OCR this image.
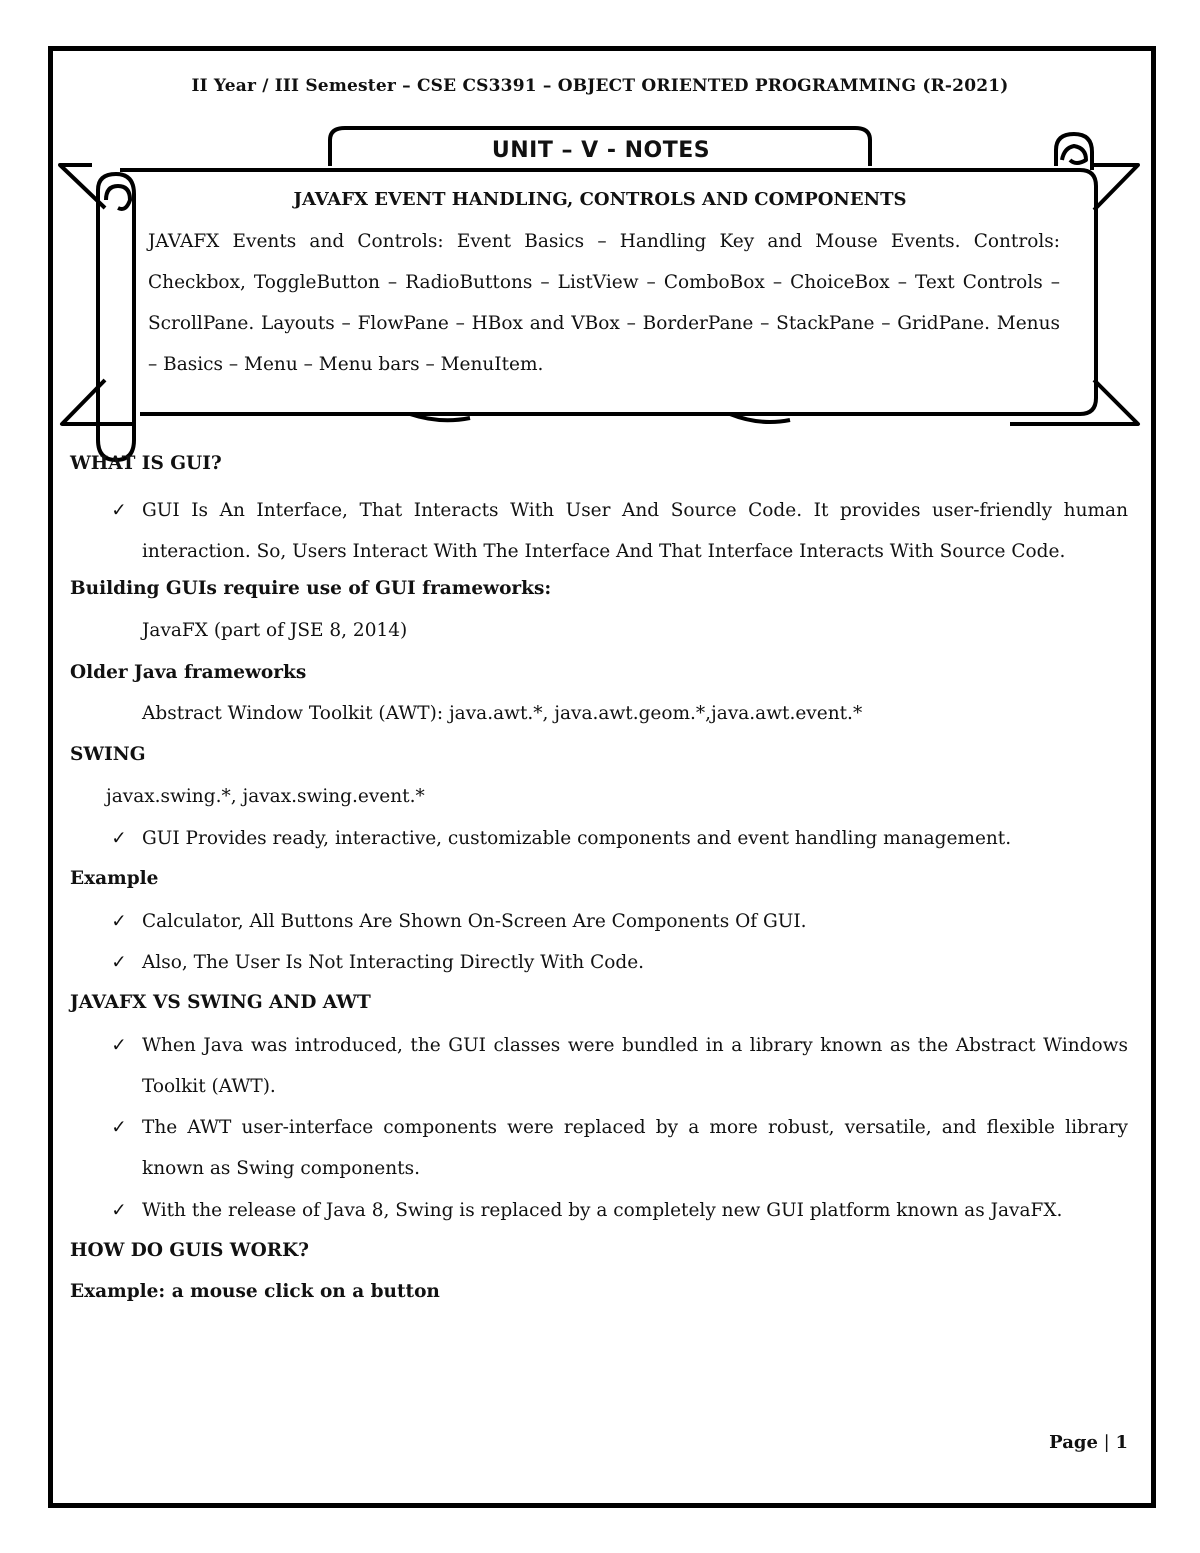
II Year / III Semester – CSE CS3391 – OBJECT ORIENTED PROGRAMMING (R-2021)
UNIT – V - NOTES
JAVAFX EVENT HANDLING, CONTROLS AND COMPONENTS
JAVAFX Events and Controls: Event Basics – Handling Key and Mouse Events. Controls: Checkbox, ToggleButton – RadioButtons – ListView – ComboBox – ChoiceBox – Text Controls – ScrollPane. Layouts – FlowPane – HBox and VBox – BorderPane – StackPane – GridPane. Menus – Basics – Menu – Menu bars – MenuItem.
WHAT IS GUI?
✓ GUI Is An Interface, That Interacts With User And Source Code. It provides user-friendly human interaction. So, Users Interact With The Interface And That Interface Interacts With Source Code.
Building GUIs require use of GUI frameworks:
JavaFX (part of JSE 8, 2014)
Older Java frameworks
Abstract Window Toolkit (AWT): java.awt.*, java.awt.geom.*,java.awt.event.*
SWING
javax.swing.*, javax.swing.event.*
✓ GUI Provides ready, interactive, customizable components and event handling management.
Example
✓ Calculator, All Buttons Are Shown On-Screen Are Components Of GUI.
✓ Also, The User Is Not Interacting Directly With Code.
JAVAFX VS SWING AND AWT
✓ When Java was introduced, the GUI classes were bundled in a library known as the Abstract Windows Toolkit (AWT).
✓ The AWT user-interface components were replaced by a more robust, versatile, and flexible library known as Swing components.
✓ With the release of Java 8, Swing is replaced by a completely new GUI platform known as JavaFX.
HOW DO GUIS WORK?
Example: a mouse click on a button
Page | 1
